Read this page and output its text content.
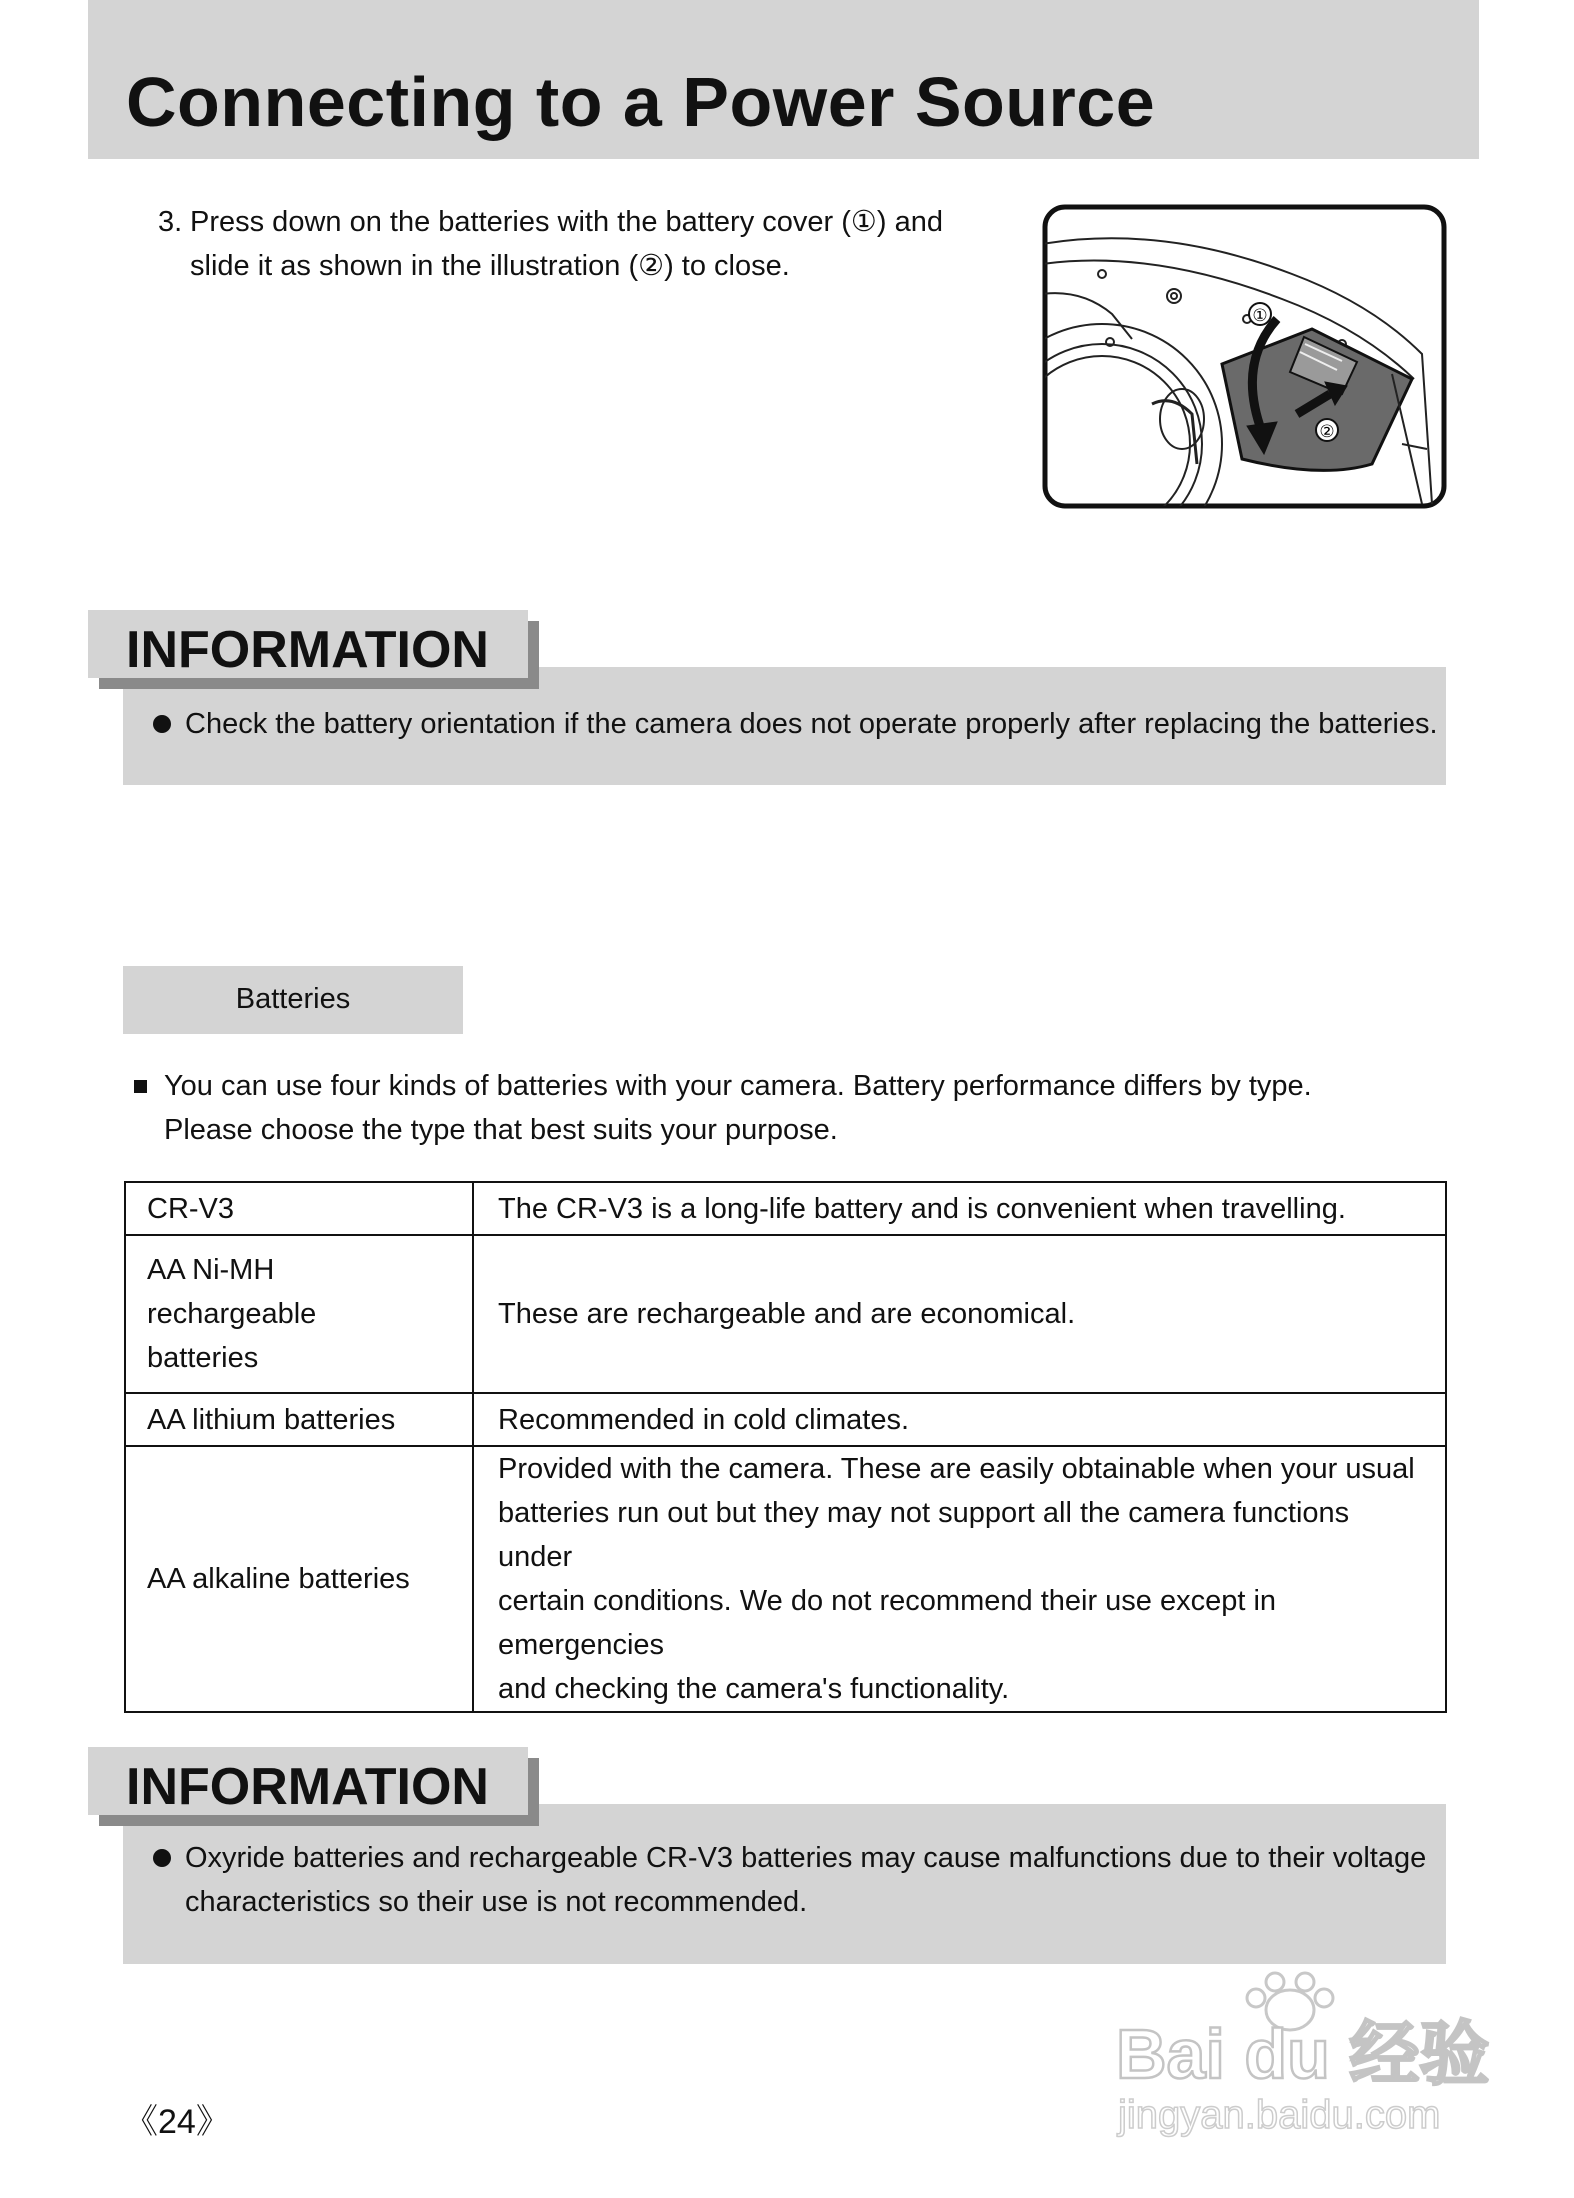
Connecting to a Power Source
3. Press down on the batteries with the battery cover (①) and
slide it as shown in the illustration (②) to close.
①
②
Check the battery orientation if the camera does not operate properly after replacing the batteries.
INFORMATION
Batteries
You can use four kinds of batteries with your camera. Battery performance differs by type.
Please choose the type that best suits your purpose.
CR-V3	The CR-V3 is a long-life battery and is convenient when travelling.

AA Ni-MH
rechargeable
batteries	These are rechargeable and are economical.

AA lithium batteries	Recommended in cold climates.

AA alkaline batteries	Provided with the camera. These are easily obtainable when your usual
batteries run out but they may not support all the camera functions under
certain conditions. We do not recommend their use except in emergencies
and checking the camera's functionality.
Oxyride batteries and rechargeable CR-V3 batteries may cause malfunctions due to their voltage
characteristics so their use is not recommended.
INFORMATION
《24》
Bai du 经验
jingyan.baidu.com
